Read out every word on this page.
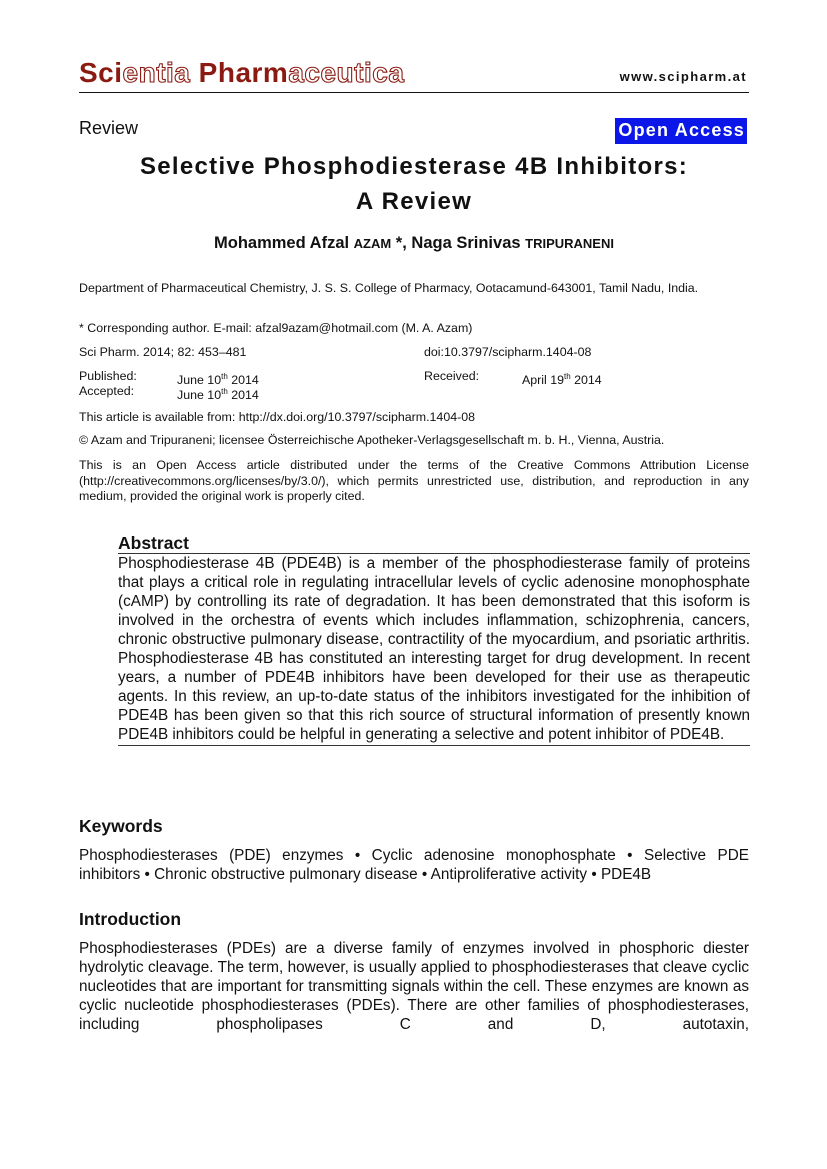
Scientia Pharmaceutica	www.scipharm.at
Review	Open Access
Selective Phosphodiesterase 4B Inhibitors:
A Review

Mohammed Afzal AZAM *, Naga Srinivas TRIPURANENI

Department of Pharmaceutical Chemistry, J. S. S. College of Pharmacy, Ootacamund-643001, Tamil Nadu, India.
* Corresponding author. E-mail: afzal9azam@hotmail.com (M. A. Azam)
Sci Pharm. 2014; 82: 453–481	doi:10.3797/scipharm.1404-08
Published:	June 10th 2014	Received:	April 19th 2014
Accepted:	June 10th 2014
This article is available from: http://dx.doi.org/10.3797/scipharm.1404-08
© Azam and Tripuraneni; licensee Österreichische Apotheker-Verlagsgesellschaft m. b. H., Vienna, Austria.
This is an Open Access article distributed under the terms of the Creative Commons Attribution License (http://creativecommons.org/licenses/by/3.0/), which permits unrestricted use, distribution, and reproduction in any medium, provided the original work is properly cited.
Abstract

Phosphodiesterase 4B (PDE4B) is a member of the phosphodiesterase family of proteins that plays a critical role in regulating intracellular levels of cyclic adenosine monophosphate (cAMP) by controlling its rate of degradation. It has been demonstrated that this isoform is involved in the orchestra of events which includes inflammation, schizophrenia, cancers, chronic obstructive pulmonary disease, contractility of the myocardium, and psoriatic arthritis. Phosphodiesterase 4B has constituted an interesting target for drug development. In recent years, a number of PDE4B inhibitors have been developed for their use as therapeutic agents. In this review, an up-to-date status of the inhibitors investigated for the inhibition of PDE4B has been given so that this rich source of structural information of presently known PDE4B inhibitors could be helpful in generating a selective and potent inhibitor of PDE4B.

Keywords

Phosphodiesterases (PDE) enzymes • Cyclic adenosine monophosphate • Selective PDE inhibitors • Chronic obstructive pulmonary disease • Antiproliferative activity • PDE4B

Introduction

Phosphodiesterases (PDEs) are a diverse family of enzymes involved in phosphoric diester hydrolytic cleavage. The term, however, is usually applied to phosphodiesterases that cleave cyclic nucleotides that are important for transmitting signals within the cell. These enzymes are known as cyclic nucleotide phosphodiesterases (PDEs). There are other families of phosphodiesterases, including phospholipases C and D, autotaxin,
